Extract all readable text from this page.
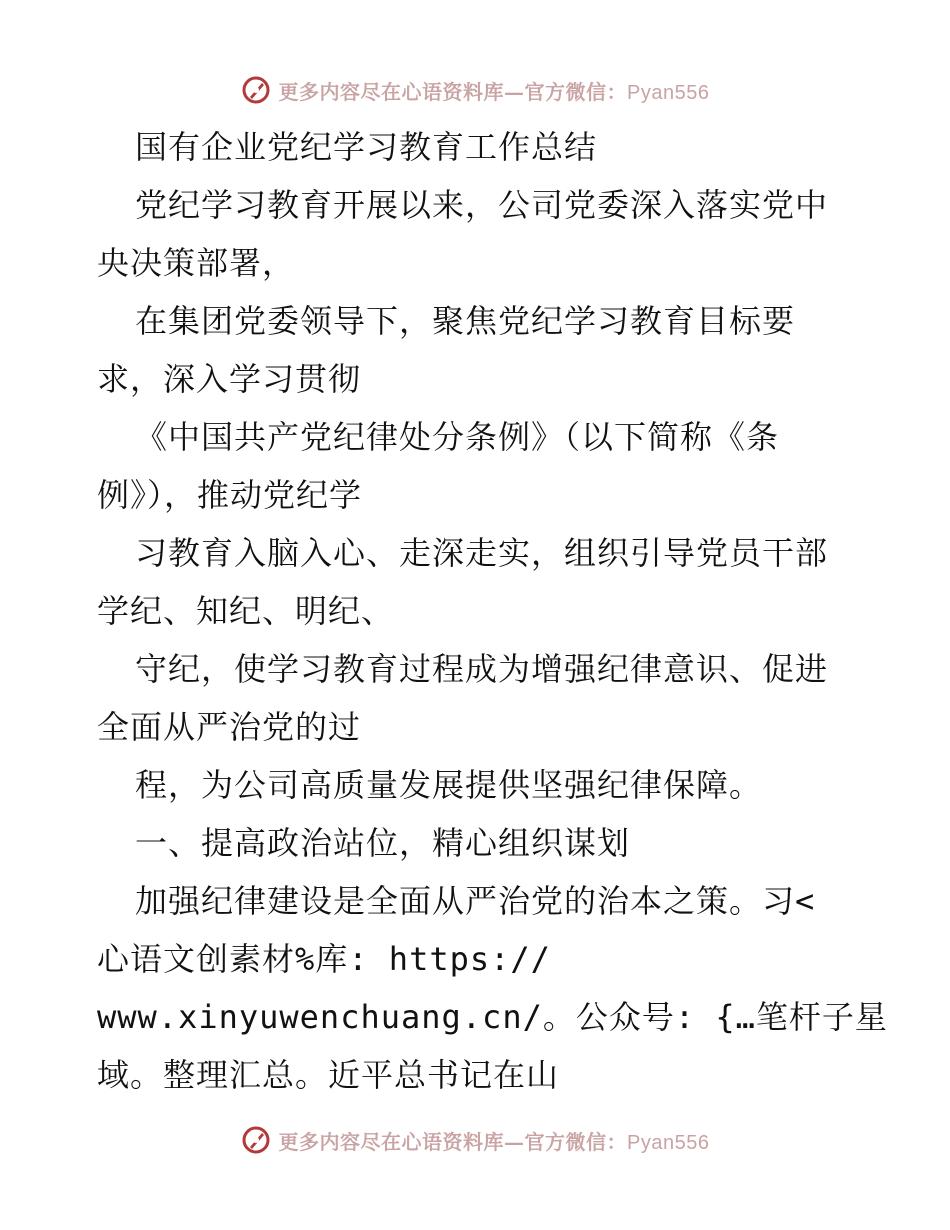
更多内容尽在心语资料库—官方微信：Pyan556
国有企业党纪学习教育工作总结
党纪学习教育开展以来，公司党委深入落实党中
央决策部署，
在集团党委领导下，聚焦党纪学习教育目标要
求，深入学习贯彻
《中国共产党纪律处分条例》（以下简称《条
例》），推动党纪学
习教育入脑入心、走深走实，组织引导党员干部
学纪、知纪、明纪、
守纪，使学习教育过程成为增强纪律意识、促进
全面从严治党的过
程，为公司高质量发展提供坚强纪律保障。
一、提高政治站位，精心组织谋划
加强纪律建设是全面从严治党的治本之策。习<
心语文创素材%库: https://
www.xinyuwenchuang.cn/。公众号: {…笔杆子星
域。整理汇总。近平总书记在山
更多内容尽在心语资料库—官方微信：Pyan556
